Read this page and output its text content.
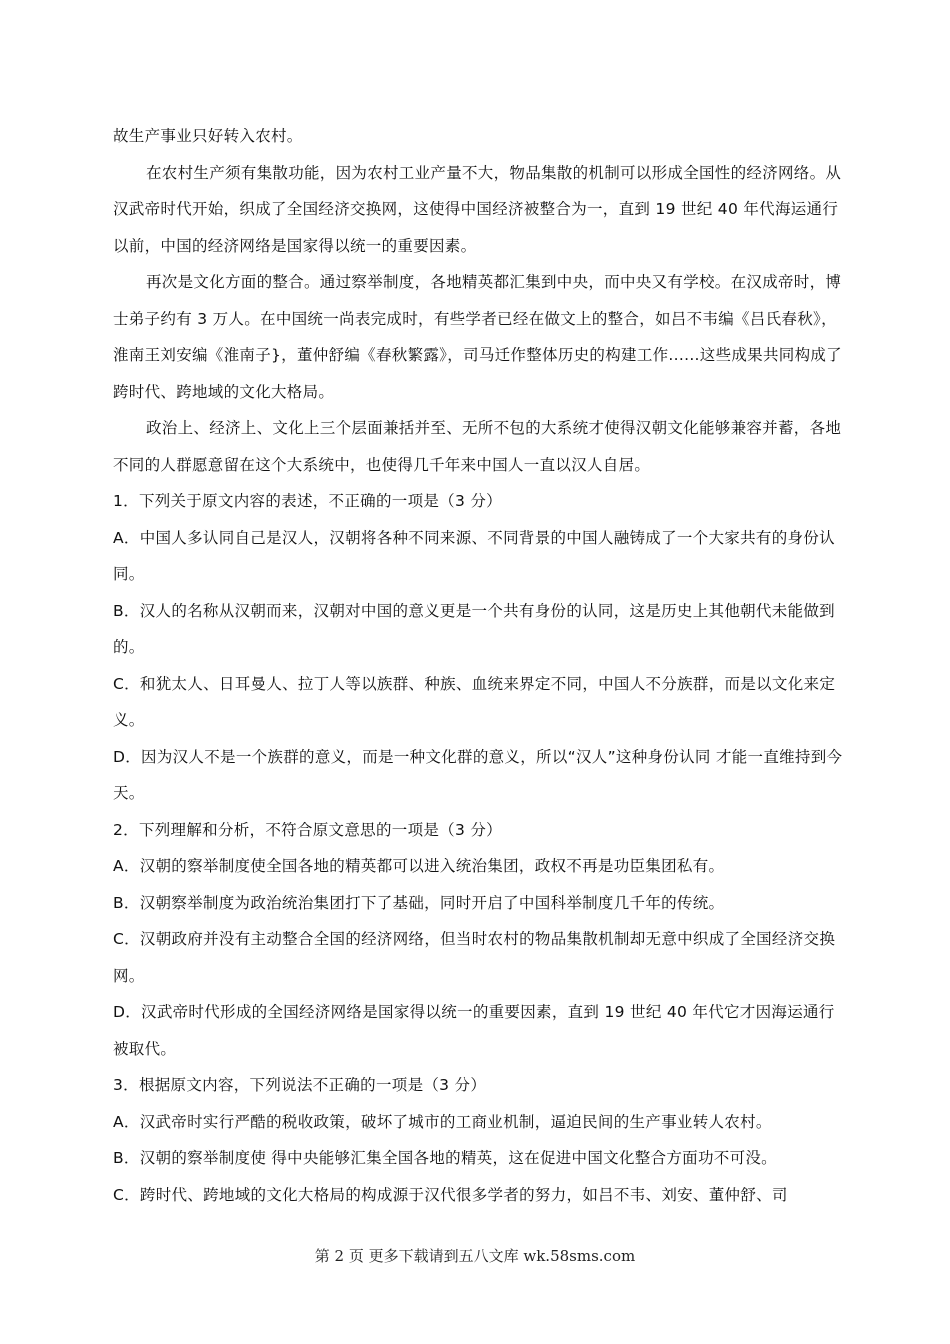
故生产事业只好转入农村。

在农村生产须有集散功能，因为农村工业产量不大，物品集散的机制可以形成全国性的经济网络。从汉武帝时代开始，织成了全国经济交换网，这使得中国经济被整合为一，直到 19 世纪 40 年代海运通行以前，中国的经济网络是国家得以统一的重要因素。

再次是文化方面的整合。通过察举制度，各地精英都汇集到中央，而中央又有学校。在汉成帝时，博士弟子约有 3 万人。在中国统一尚表完成时，有些学者已经在做文上的整合，如吕不韦编《吕氏春秋》，淮南王刘安编《淮南子}，董仲舒编《春秋繁露》，司马迁作整体历史的构建工作......这些成果共同构成了跨时代、跨地域的文化大格局。

政治上、经济上、文化上三个层面兼括并至、无所不包的大系统才使得汉朝文化能够兼容并蓄，各地不同的人群愿意留在这个大系统中，也使得几千年来中国人一直以汉人自居。

1．下列关于原文内容的表述，不正确的一项是（3 分）

A．中国人多认同自己是汉人，汉朝将各种不同来源、不同背景的中国人融铸成了一个大家共有的身份认同。

B．汉人的名称从汉朝而来，汉朝对中国的意义更是一个共有身份的认同，这是历史上其他朝代未能做到的。

C．和犹太人、日耳曼人、拉丁人等以族群、种族、血统来界定不同，中国人不分族群，而是以文化来定义。

D．因为汉人不是一个族群的意义，而是一种文化群的意义，所以“汉人”这种身份认同 才能一直维持到今天。

2．下列理解和分析，不符合原文意思的一项是（3 分）

A．汉朝的察举制度使全国各地的精英都可以进入统治集团，政权不再是功臣集团私有。

B．汉朝察举制度为政治统治集团打下了基础，同时开启了中国科举制度几千年的传统。

C．汉朝政府并没有主动整合全国的经济网络，但当时农村的物品集散机制却无意中织成了全国经济交换网。

D．汉武帝时代形成的全国经济网络是国家得以统一的重要因素，直到 19 世纪 40 年代它才因海运通行被取代。

3．根据原文内容，下列说法不正确的一项是（3 分）

A．汉武帝时实行严酷的税收政策，破坏了城市的工商业机制，逼迫民间的生产事业转人农村。

B．汉朝的察举制度使 得中央能够汇集全国各地的精英，这在促进中国文化整合方面功不可没。

C．跨时代、跨地域的文化大格局的构成源于汉代很多学者的努力，如吕不韦、刘安、董仲舒、司

第 2 页 更多下载请到五八文库 wk.58sms.com
